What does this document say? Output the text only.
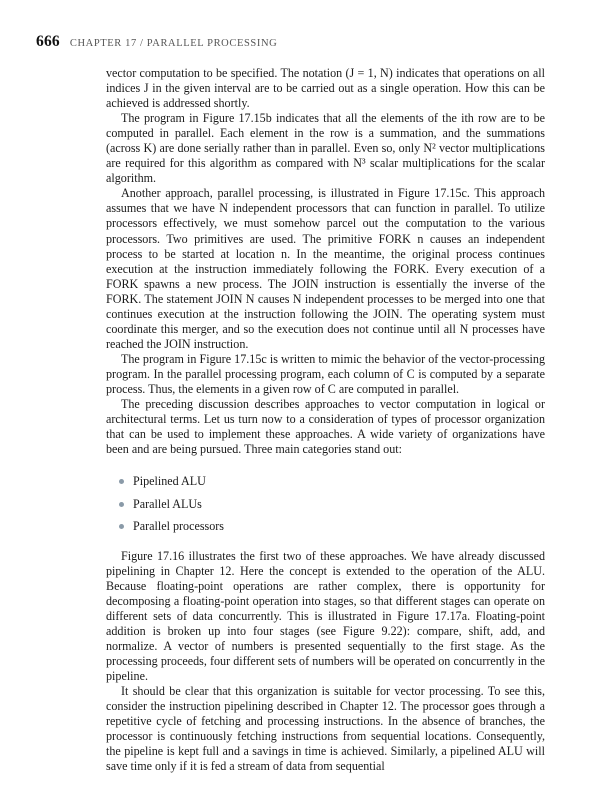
666 CHAPTER 17 / PARALLEL PROCESSING

vector computation to be specified. The notation (J = 1, N) indicates that operations on all indices J in the given interval are to be carried out as a single operation. How this can be achieved is addressed shortly.

The program in Figure 17.15b indicates that all the elements of the ith row are to be computed in parallel. Each element in the row is a summation, and the summations (across K) are done serially rather than in parallel. Even so, only N² vector multiplications are required for this algorithm as compared with N³ scalar multiplications for the scalar algorithm.

Another approach, parallel processing, is illustrated in Figure 17.15c. This approach assumes that we have N independent processors that can function in parallel. To utilize processors effectively, we must somehow parcel out the computation to the various processors. Two primitives are used. The primitive FORK n causes an independent process to be started at location n. In the meantime, the original process continues execution at the instruction immediately following the FORK. Every execution of a FORK spawns a new process. The JOIN instruction is essentially the inverse of the FORK. The statement JOIN N causes N independent processes to be merged into one that continues execution at the instruction following the JOIN. The operating system must coordinate this merger, and so the execution does not continue until all N processes have reached the JOIN instruction.

The program in Figure 17.15c is written to mimic the behavior of the vector-processing program. In the parallel processing program, each column of C is computed by a separate process. Thus, the elements in a given row of C are computed in parallel.

The preceding discussion describes approaches to vector computation in logical or architectural terms. Let us turn now to a consideration of types of processor organization that can be used to implement these approaches. A wide variety of organizations have been and are being pursued. Three main categories stand out:

Pipelined ALU
Parallel ALUs
Parallel processors

Figure 17.16 illustrates the first two of these approaches. We have already discussed pipelining in Chapter 12. Here the concept is extended to the operation of the ALU. Because floating-point operations are rather complex, there is opportunity for decomposing a floating-point operation into stages, so that different stages can operate on different sets of data concurrently. This is illustrated in Figure 17.17a. Floating-point addition is broken up into four stages (see Figure 9.22): compare, shift, add, and normalize. A vector of numbers is presented sequentially to the first stage. As the processing proceeds, four different sets of numbers will be operated on concurrently in the pipeline.

It should be clear that this organization is suitable for vector processing. To see this, consider the instruction pipelining described in Chapter 12. The processor goes through a repetitive cycle of fetching and processing instructions. In the absence of branches, the processor is continuously fetching instructions from sequential locations. Consequently, the pipeline is kept full and a savings in time is achieved. Similarly, a pipelined ALU will save time only if it is fed a stream of data from sequential
